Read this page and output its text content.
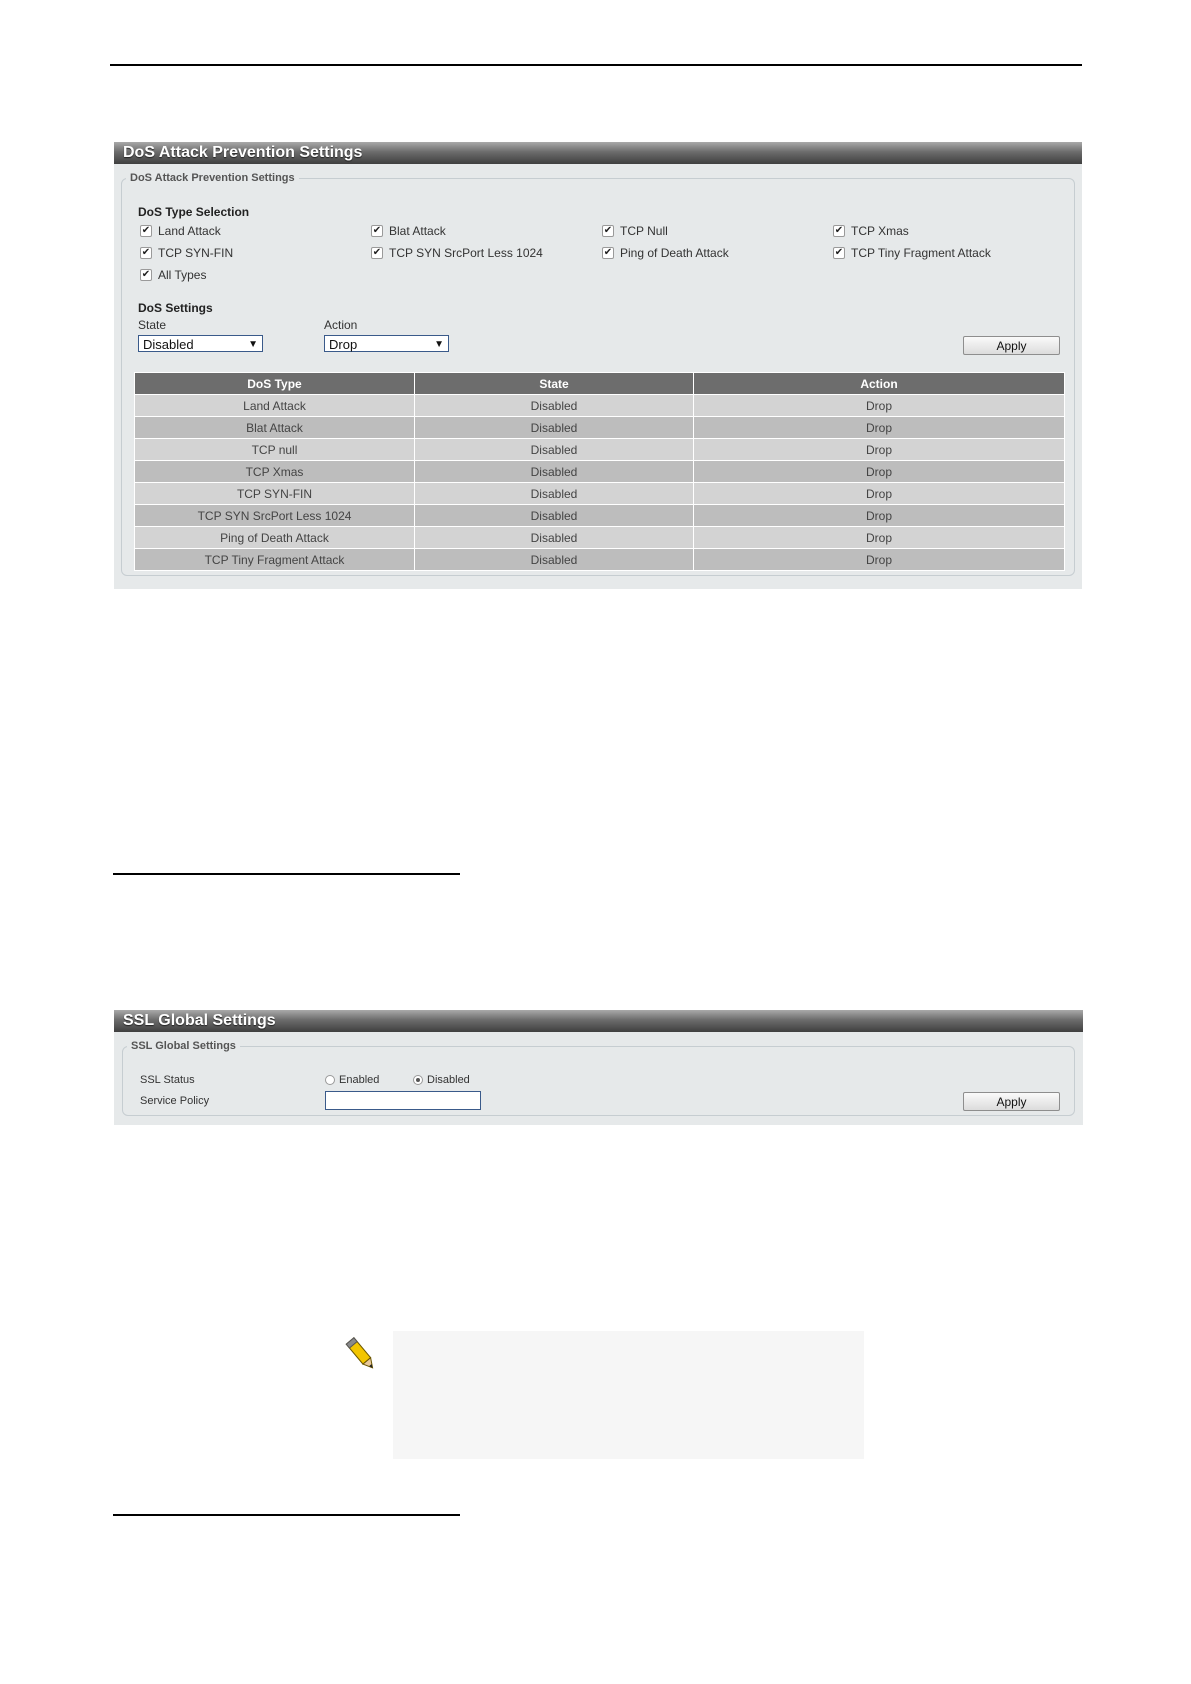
DoS Attack Prevention Settings
DoS Attack Prevention Settings
DoS Type Selection
✔ Land Attack	✔ Blat Attack	✔ TCP Null	✔ TCP Xmas
✔ TCP SYN-FIN	✔ TCP SYN SrcPort Less 1024	✔ Ping of Death Attack	✔ TCP Tiny Fragment Attack
✔ All Types
DoS Settings
State
Disabled	▼
Action
Drop	▼	Apply
DoS Type	State	Action
Land Attack	Disabled	Drop
Blat Attack	Disabled	Drop
TCP null	Disabled	Drop
TCP Xmas	Disabled	Drop
TCP SYN-FIN	Disabled	Drop
TCP SYN SrcPort Less 1024	Disabled	Drop
Ping of Death Attack	Disabled	Drop
TCP Tiny Fragment Attack	Disabled	Drop
SSL Global Settings
SSL Global Settings
SSL Status	Enabled	Disabled
Service Policy	Apply
